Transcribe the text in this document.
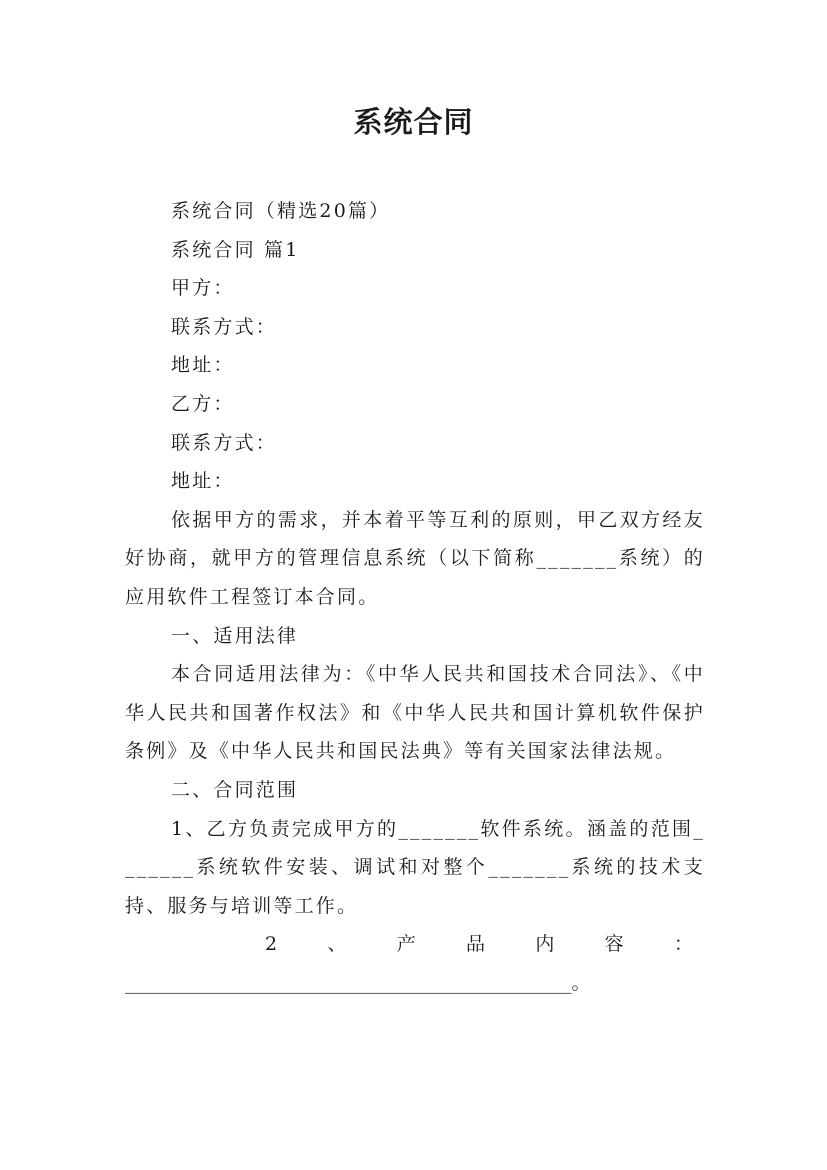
系统合同
系统合同（精选20篇）
系统合同 篇1
甲方：
联系方式：
地址：
乙方：
联系方式：
地址：
依据甲方的需求，并本着平等互利的原则，甲乙双方经友好协商，就甲方的管理信息系统（以下简称_______系统）的应用软件工程签订本合同。
一、适用法律
本合同适用法律为：《中华人民共和国技术合同法》、《中华人民共和国著作权法》和《中华人民共和国计算机软件保护条例》及《中华人民共和国民法典》等有关国家法律法规。
二、合同范围
1、乙方负责完成甲方的_______软件系统。涵盖的范围_______系统软件安装、调试和对整个_______系统的技术支持、服务与培训等工作。
2	、	产	品	内	容	：
_______________________________________________。
